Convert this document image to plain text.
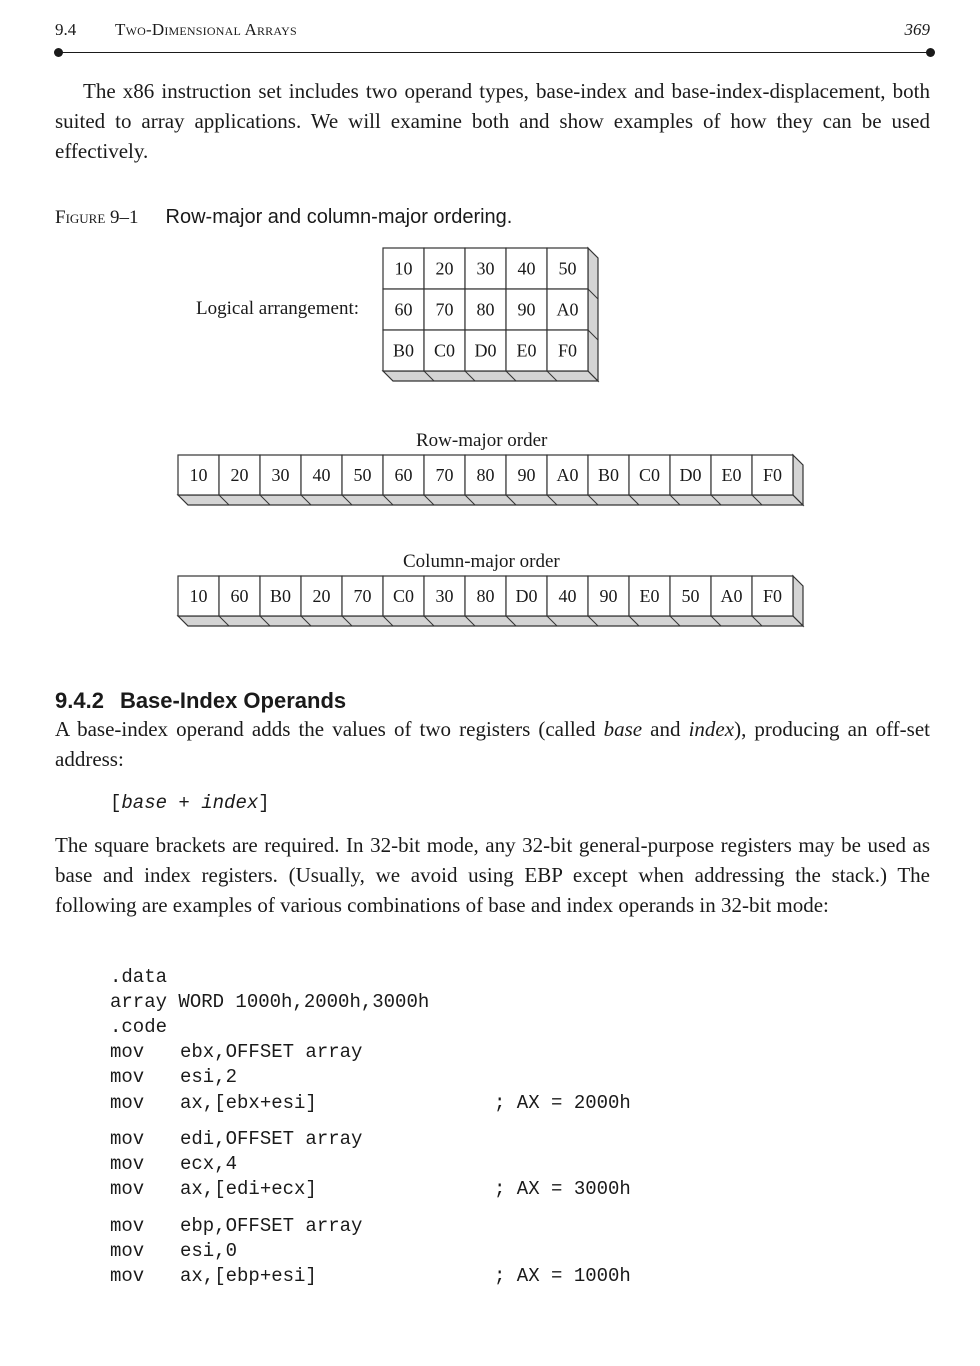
9.4 Two-Dimensional Arrays	369

The x86 instruction set includes two operand types, base-index and base-index-displacement, both suited to array applications. We will examine both and show examples of how they can be used effectively.

Figure 9–1 Row-major and column-major ordering.
Logical arrangement:
Row-major order
Column-major order
10 20 30 40 50
60 70 80 90 A0
B0 C0 D0 E0 F0
10 20 30 40 50 60 70 80 90 A0 B0 C0 D0 E0 F0
10 60 B0 20 70 C0 30 80 D0 40 90 E0 50 A0 F0
9.4.2 Base-Index Operands

A base-index operand adds the values of two registers (called base and index), producing an off-set address:

[base + index]

The square brackets are required. In 32-bit mode, any 32-bit general-purpose registers may be used as base and index registers. (Usually, we avoid using EBP except when addressing the stack.) The following are examples of various combinations of base and index operands in 32-bit mode:

.data
array WORD 1000h,2000h,3000h
.code
mov ebx,OFFSET array
mov esi,2
mov ax,[ebx+esi]	; AX = 2000h
mov edi,OFFSET array
mov ecx,4
mov ax,[edi+ecx]	; AX = 3000h
mov ebp,OFFSET array
mov esi,0
mov ax,[ebp+esi]	; AX = 1000h
